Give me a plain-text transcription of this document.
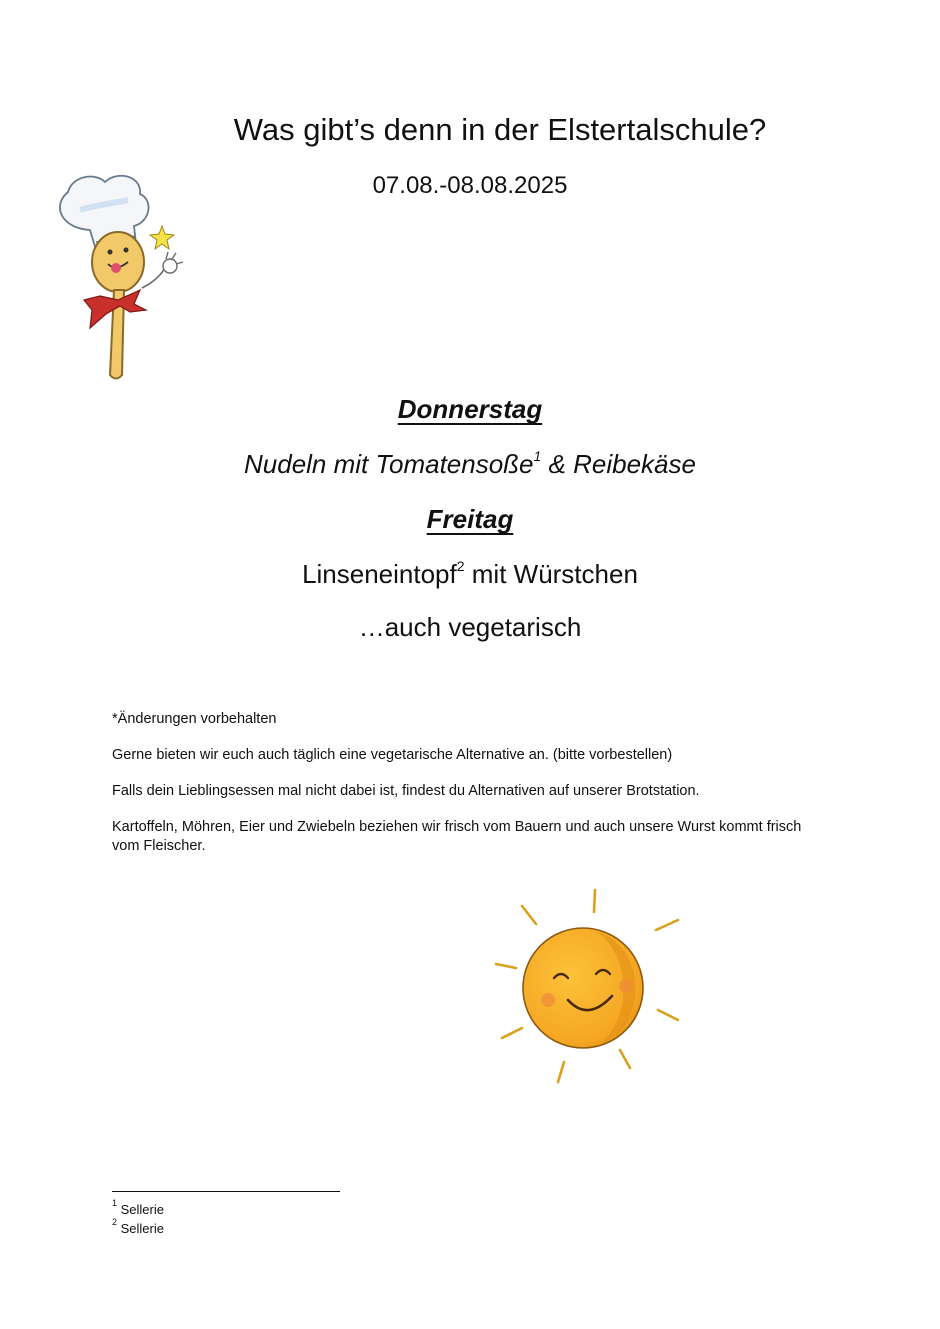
Was gibt’s denn in der Elstertalschule?
07.08.-08.08.2025
Donnerstag
Nudeln mit Tomatensoße$^1$ & Reibekäse
Freitag
Linseneintopf$^2$ mit Würstchen
…auch vegetarisch

*Änderungen vorbehalten

Gerne bieten wir euch auch täglich eine vegetarische Alternative an. (bitte vorbestellen)

Falls dein Lieblingsessen mal nicht dabei ist, findest du Alternativen auf unserer Brotstation.

Kartoffeln, Möhren, Eier und Zwiebeln beziehen wir frisch vom Bauern und auch unsere Wurst kommt frisch vom Fleischer.

$^1$ Sellerie
$^2$ Sellerie
